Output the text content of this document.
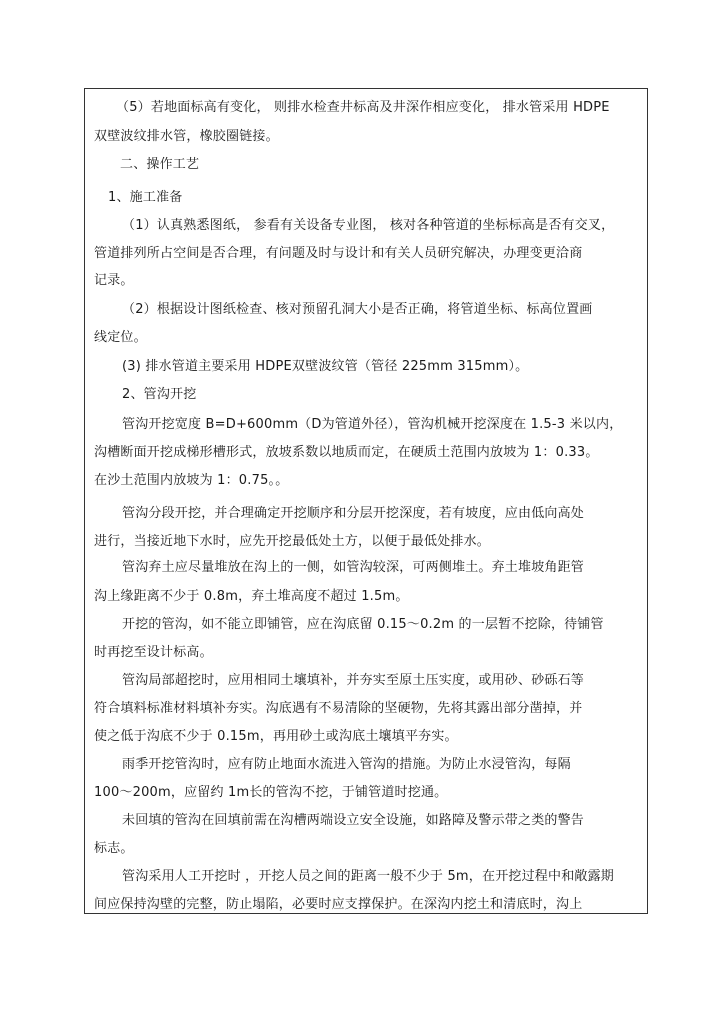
（5）若地面标高有变化， 则排水检查井标高及井深作相应变化， 排水管采用 HDPE
双壁波纹排水管，橡胶圈链接。
二、操作工艺
1、施工准备
（1）认真熟悉图纸， 参看有关设备专业图， 核对各种管道的坐标标高是否有交叉，
管道排列所占空间是否合理，有问题及时与设计和有关人员研究解决，办理变更洽商
记录。
（2）根据设计图纸检查、核对预留孔洞大小是否正确，将管道坐标、标高位置画
线定位。
(3) 排水管道主要采用 HDPE双壁波纹管（管径 225mm 315mm）。
2、管沟开挖
管沟开挖宽度 B=D+600mm（D为管道外径），管沟机械开挖深度在 1.5-3 米以内，
沟槽断面开挖成梯形槽形式，放坡系数以地质而定，在硬质土范围内放坡为 1：0.33。
在沙土范围内放坡为 1：0.75。。
管沟分段开挖，并合理确定开挖顺序和分层开挖深度，若有坡度，应由低向高处
进行，当接近地下水时，应先开挖最低处土方，以便于最低处排水。
管沟弃土应尽量堆放在沟上的一侧，如管沟较深，可两侧堆土。弃土堆坡角距管
沟上缘距离不少于 0.8m，弃土堆高度不超过 1.5m。
开挖的管沟，如不能立即铺管，应在沟底留 0.15～0.2m 的一层暂不挖除，待铺管
时再挖至设计标高。
管沟局部超挖时，应用相同土壤填补，并夯实至原土压实度，或用砂、砂砾石等
符合填料标准材料填补夯实。沟底遇有不易清除的坚硬物，先将其露出部分凿掉，并
使之低于沟底不少于 0.15m，再用砂土或沟底土壤填平夯实。
雨季开挖管沟时，应有防止地面水流进入管沟的措施。为防止水浸管沟，每隔
100～200m，应留约 1m长的管沟不挖，于铺管道时挖通。
未回填的管沟在回填前需在沟槽两端设立安全设施，如路障及警示带之类的警告
标志。
管沟采用人工开挖时 ，开挖人员之间的距离一般不少于 5m，在开挖过程中和敞露期
间应保持沟壁的完整，防止塌陷，必要时应支撑保护。在深沟内挖土和清底时，沟上
